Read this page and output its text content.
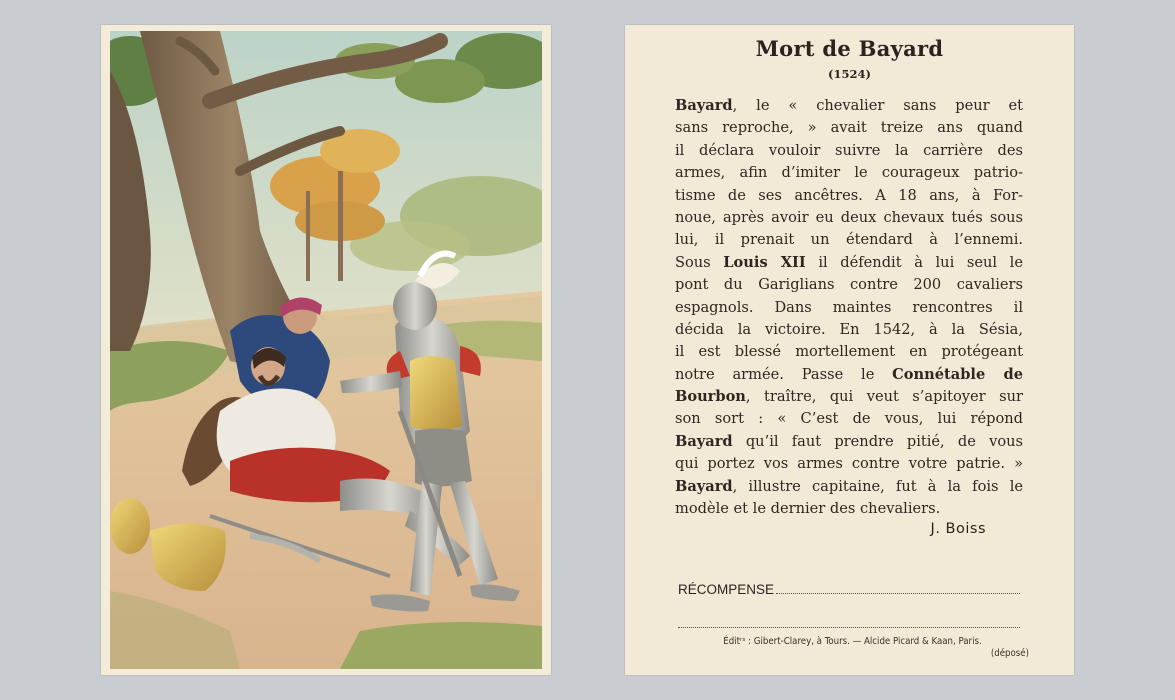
Mort de Bayard
(1524)
Bayard, le « chevalier sans peur et
sans reproche, » avait treize ans quand
il déclara vouloir suivre la carrière des
armes, afin d’imiter le courageux patrio-
tisme de ses ancêtres. A 18 ans, à For-
noue, après avoir eu deux chevaux tués sous
lui, il prenait un étendard à l’ennemi.
Sous Louis XII il défendit à lui seul le
pont du Gariglians contre 200 cavaliers
espagnols. Dans maintes rencontres il
décida la victoire. En 1542, à la Sésia,
il est blessé mortellement en protégeant
notre armée. Passe le Connétable de
Bourbon, traître, qui veut s’apitoyer sur
son sort : « C’est de vous, lui répond
Bayard qu’il faut prendre pitié, de vous
qui portez vos armes contre votre patrie. »
Bayard, illustre capitaine, fut à la fois le
modèle et le dernier des chevaliers.
J. Boiss
RÉCOMPENSE
Éditʳˢ : Gibert-Clarey, à Tours. — Alcide Picard & Kaan, Paris.
(déposé)
